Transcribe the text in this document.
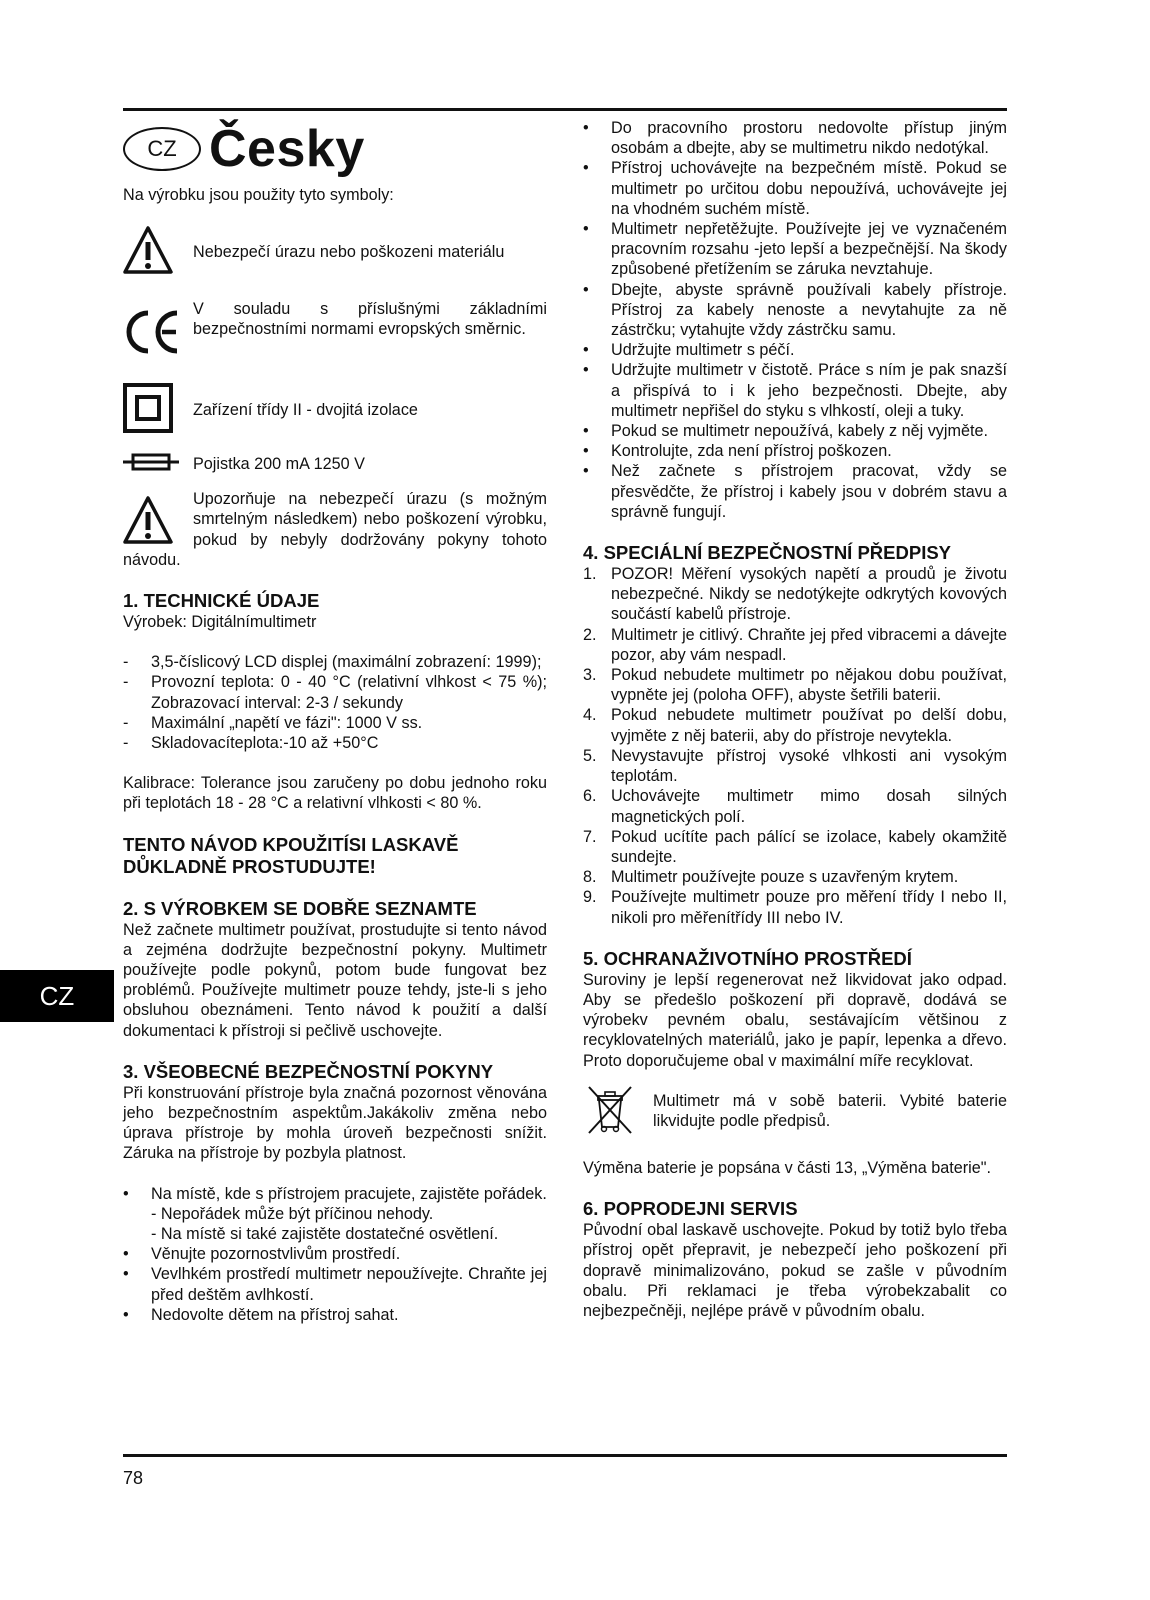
CZ
CZ Česky

Na výrobku jsou použity tyto symboly:

Nebezpečí úrazu nebo poškozeni materiálu

V souladu s příslušnými základními bezpečnostními normami evropských směrnic.

Zařízení třídy II - dvojitá izolace

Pojistka 200 mA 1250 V

Upozorňuje na nebezpečí úrazu (s možným smrtelným následkem) nebo poškození výrobku, pokud by nebyly dodržovány pokyny tohoto návodu.

1. TECHNICKÉ ÚDAJE

Výrobek: Digitálnímultimetr

-	3,5-číslicový LCD displej (maximální zobrazení: 1999);
-	Provozní teplota: 0 - 40 °C (relativní vlhkost < 75 %); Zobrazovací interval: 2-3 / sekundy
-	Maximální „napětí ve fázi": 1000 V ss.
-	Skladovacíteplota:-10 až +50°C

Kalibrace: Tolerance jsou zaručeny po dobu jednoho roku při teplotách 18 - 28 °C a relativní vlhkosti < 80 %.

TENTO NÁVOD KPOUŽITÍSI LASKAVĚ
DŮKLADNĚ PROSTUDUJTE!
2. S VÝROBKEM SE DOBŘE SEZNAMTE

Než začnete multimetr používat, prostudujte si tento návod a zejména dodržujte bezpečnostní pokyny. Multimetr používejte podle pokynů, potom bude fungovat bez problémů. Používejte multimetr pouze tehdy, jste-li s jeho obsluhou obeznámeni. Tento návod k použití a další dokumentaci k přístroji si pečlivě uschovejte.

3. VŠEOBECNÉ BEZPEČNOSTNÍ POKYNY

Při konstruování přístroje byla značná pozornost věnována jeho bezpečnostním aspektům.Jakákoliv změna nebo úprava přístroje by mohla úroveň bezpečnosti snížit. Záruka na přístroje by pozbyla platnost.

•	Na místě, kde s přístrojem pracujete, zajistěte pořádek.

- Nepořádek může být příčinou nehody.

- Na místě si také zajistěte dostatečné osvětlení.

•	Věnujte pozornostvlivům prostředí.
•	Vevlhkém prostředí multimetr nepoužívejte. Chraňte jej před deštěm avlhkostí.
•	Nedovolte dětem na přístroj sahat.
•	Do pracovního prostoru nedovolte přístup jiným osobám a dbejte, aby se multimetru nikdo nedotýkal.
•	Přístroj uchovávejte na bezpečném místě. Pokud se multimetr po určitou dobu nepoužívá, uchovávejte jej na vhodném suchém místě.
•	Multimetr nepřetěžujte. Používejte jej ve vyznačeném pracovním rozsahu -jeto lepší a bezpečnější. Na škody způsobené přetížením se záruka nevztahuje.
•	Dbejte, abyste správně používali kabely přístroje. Přístroj za kabely nenoste a nevytahujte za ně zástrčku; vytahujte vždy zástrčku samu.
•	Udržujte multimetr s péčí.
•	Udržujte multimetr v čistotě. Práce s ním je pak snazší a přispívá to i k jeho bezpečnosti. Dbejte, aby multimetr nepřišel do styku s vlhkostí, oleji a tuky.
•	Pokud se multimetr nepoužívá, kabely z něj vyjměte.
•	Kontrolujte, zda není přístroj poškozen.
•	Než začnete s přístrojem pracovat, vždy se přesvědčte, že přístroj i kabely jsou v dobrém stavu a správně fungují.
4. SPECIÁLNÍ BEZPEČNOSTNÍ PŘEDPISY
1. POZOR! Měření vysokých napětí a proudů je životu nebezpečné. Nikdy se nedotýkejte odkrytých kovových součástí kabelů přístroje.
2. Multimetr je citlivý. Chraňte jej před vibracemi a dávejte pozor, aby vám nespadl.
3. Pokud nebudete multimetr po nějakou dobu používat, vypněte jej (poloha OFF), abyste šetřili baterii.
4. Pokud nebudete multimetr používat po delší dobu, vyjměte z něj baterii, aby do přístroje nevytekla.
5. Nevystavujte přístroj vysoké vlhkosti ani vysokým teplotám.
6. Uchovávejte multimetr mimo dosah silných magnetických polí.
7. Pokud ucítíte pach pálící se izolace, kabely okamžitě sundejte.
8. Multimetr používejte pouze s uzavřeným krytem.
9. Používejte multimetr pouze pro měření třídy I nebo II, nikoli pro měřenítřídy III nebo IV.
5. OCHRANAŽIVOTNÍHO PROSTŘEDÍ

Suroviny je lepší regenerovat než likvidovat jako odpad. Aby se předešlo poškození při dopravě, dodává se výrobekv pevném obalu, sestávajícím většinou z recyklovatelných materiálů, jako je papír, lepenka a dřevo. Proto doporučujeme obal v maximální míře recyklovat.

Multimetr má v sobě baterii. Vybité baterie likvidujte podle předpisů.

Výměna baterie je popsána v části 13, „Výměna baterie".

6. POPRODEJNI SERVIS

Původní obal laskavě uschovejte. Pokud by totiž bylo třeba přístroj opět přepravit, je nebezpečí jeho poškození při dopravě minimalizováno, pokud se zašle v původním obalu. Při reklamaci je třeba výrobekzabalit co nejbezpečněji, nejlépe právě v původním obalu.

78
